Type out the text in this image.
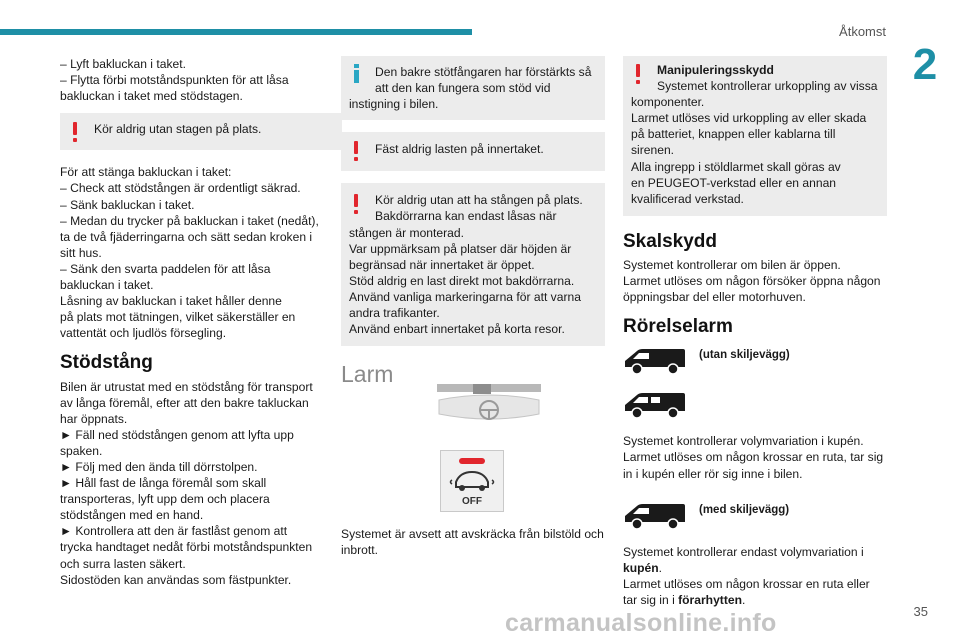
Åtkomst
2
– Lyft bakluckan i taket.
– Flytta förbi motståndspunkten för att låsa
bakluckan i taket med stödstagen.
Kör aldrig utan stagen på plats.
För att stänga bakluckan i taket:
– Check att stödstången är ordentligt säkrad.
– Sänk bakluckan i taket.
– Medan du trycker på bakluckan i taket (nedåt),
ta de två fjäderringarna och sätt sedan kroken i
sitt hus.
– Sänk den svarta paddelen för att låsa
bakluckan i taket.
Låsning av bakluckan i taket håller denne
på plats mot tätningen, vilket säkerställer en
vattentät och ljudlös försegling.
Stödstång
Bilen är utrustat med en stödstång för transport
av långa föremål, efter att den bakre takluckan
har öppnats.
► Fäll ned stödstången genom att lyfta upp
spaken.
► Följ med den ända till dörrstolpen.
► Håll fast de långa föremål som skall
transporteras, lyft upp dem och placera
stödstången med en hand.
► Kontrollera att den är fastlåst genom att
trycka handtaget nedåt förbi motståndspunkten
och surra lasten säkert.
Sidostöden kan användas som fästpunkter.
Den bakre stötfångaren har förstärkts så
att den kan fungera som stöd vid
instigning i bilen.
Fäst aldrig lasten på innertaket.
Kör aldrig utan att ha stången på plats.
Bakdörrarna kan endast låsas när
stången är monterad.
Var uppmärksam på platser där höjden är
begränsad när innertaket är öppet.
Stöd aldrig en last direkt mot bakdörrarna.
Använd vanliga markeringarna för att varna
andra trafikanter.
Använd enbart innertaket på korta resor.
Larm
OFF
Systemet är avsett att avskräcka från bilstöld och
inbrott.
Manipuleringsskydd
Systemet kontrollerar urkoppling av vissa
komponenter.
Larmet utlöses vid urkoppling av eller skada
på batteriet, knappen eller kablarna till
sirenen.
Alla ingrepp i stöldlarmet skall göras av
en PEUGEOT-verkstad eller en annan
kvalificerad verkstad.
Skalskydd
Systemet kontrollerar om bilen är öppen.
Larmet utlöses om någon försöker öppna någon
öppningsbar del eller motorhuven.
Rörelselarm
(utan skiljevägg)
Systemet kontrollerar volymvariation i kupén.
Larmet utlöses om någon krossar en ruta, tar sig
in i kupén eller rör sig inne i bilen.
(med skiljevägg)
Systemet kontrollerar endast volymvariation i
kupén.
Larmet utlöses om någon krossar en ruta eller
tar sig in i förarhytten.
carmanualsonline.info	35
